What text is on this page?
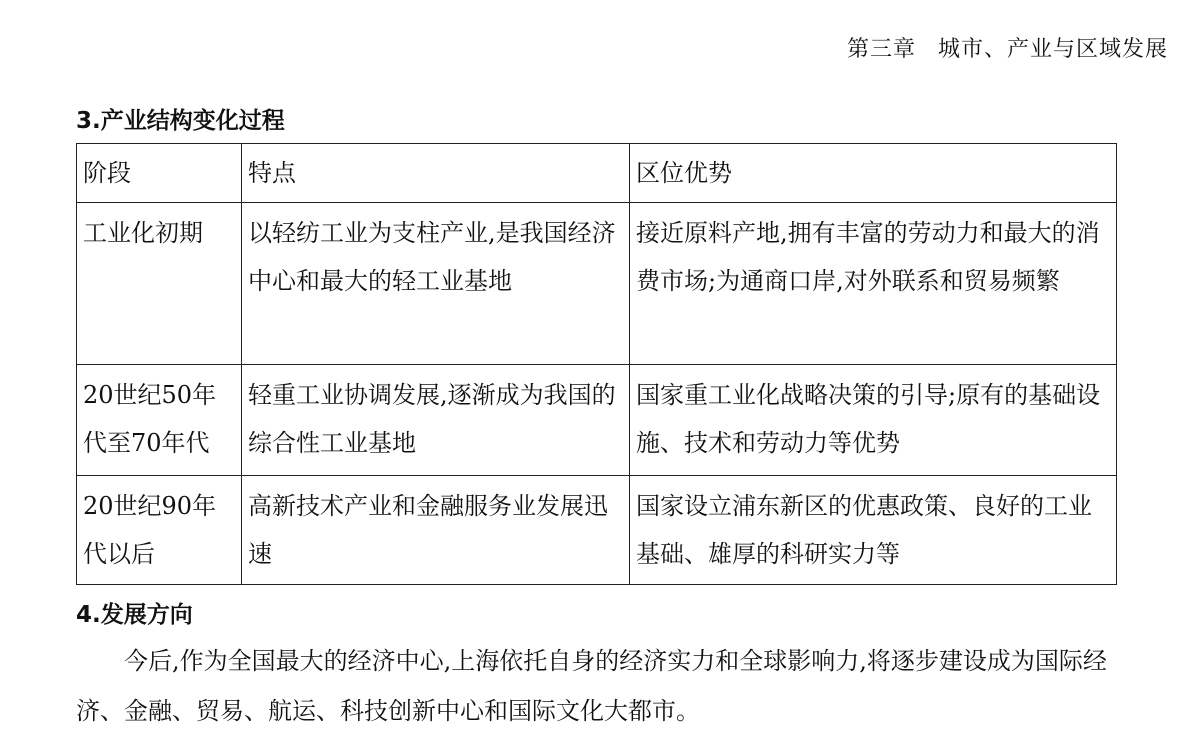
第三章 城市、产业与区域发展
3.产业结构变化过程
阶段	特点	区位优势
工业化初期	以轻纺工业为支柱产业,是我国经济中心和最大的轻工业基地	接近原料产地,拥有丰富的劳动力和最大的消费市场;为通商口岸,对外联系和贸易频繁
20世纪50年代至70年代	轻重工业协调发展,逐渐成为我国的综合性工业基地	国家重工业化战略决策的引导;原有的基础设施、技术和劳动力等优势
20世纪90年代以后	高新技术产业和金融服务业发展迅速	国家设立浦东新区的优惠政策、良好的工业基础、雄厚的科研实力等
4.发展方向
今后,作为全国最大的经济中心,上海依托自身的经济实力和全球影响力,将逐步建设成为国际经济、金融、贸易、航运、科技创新中心和国际文化大都市。
